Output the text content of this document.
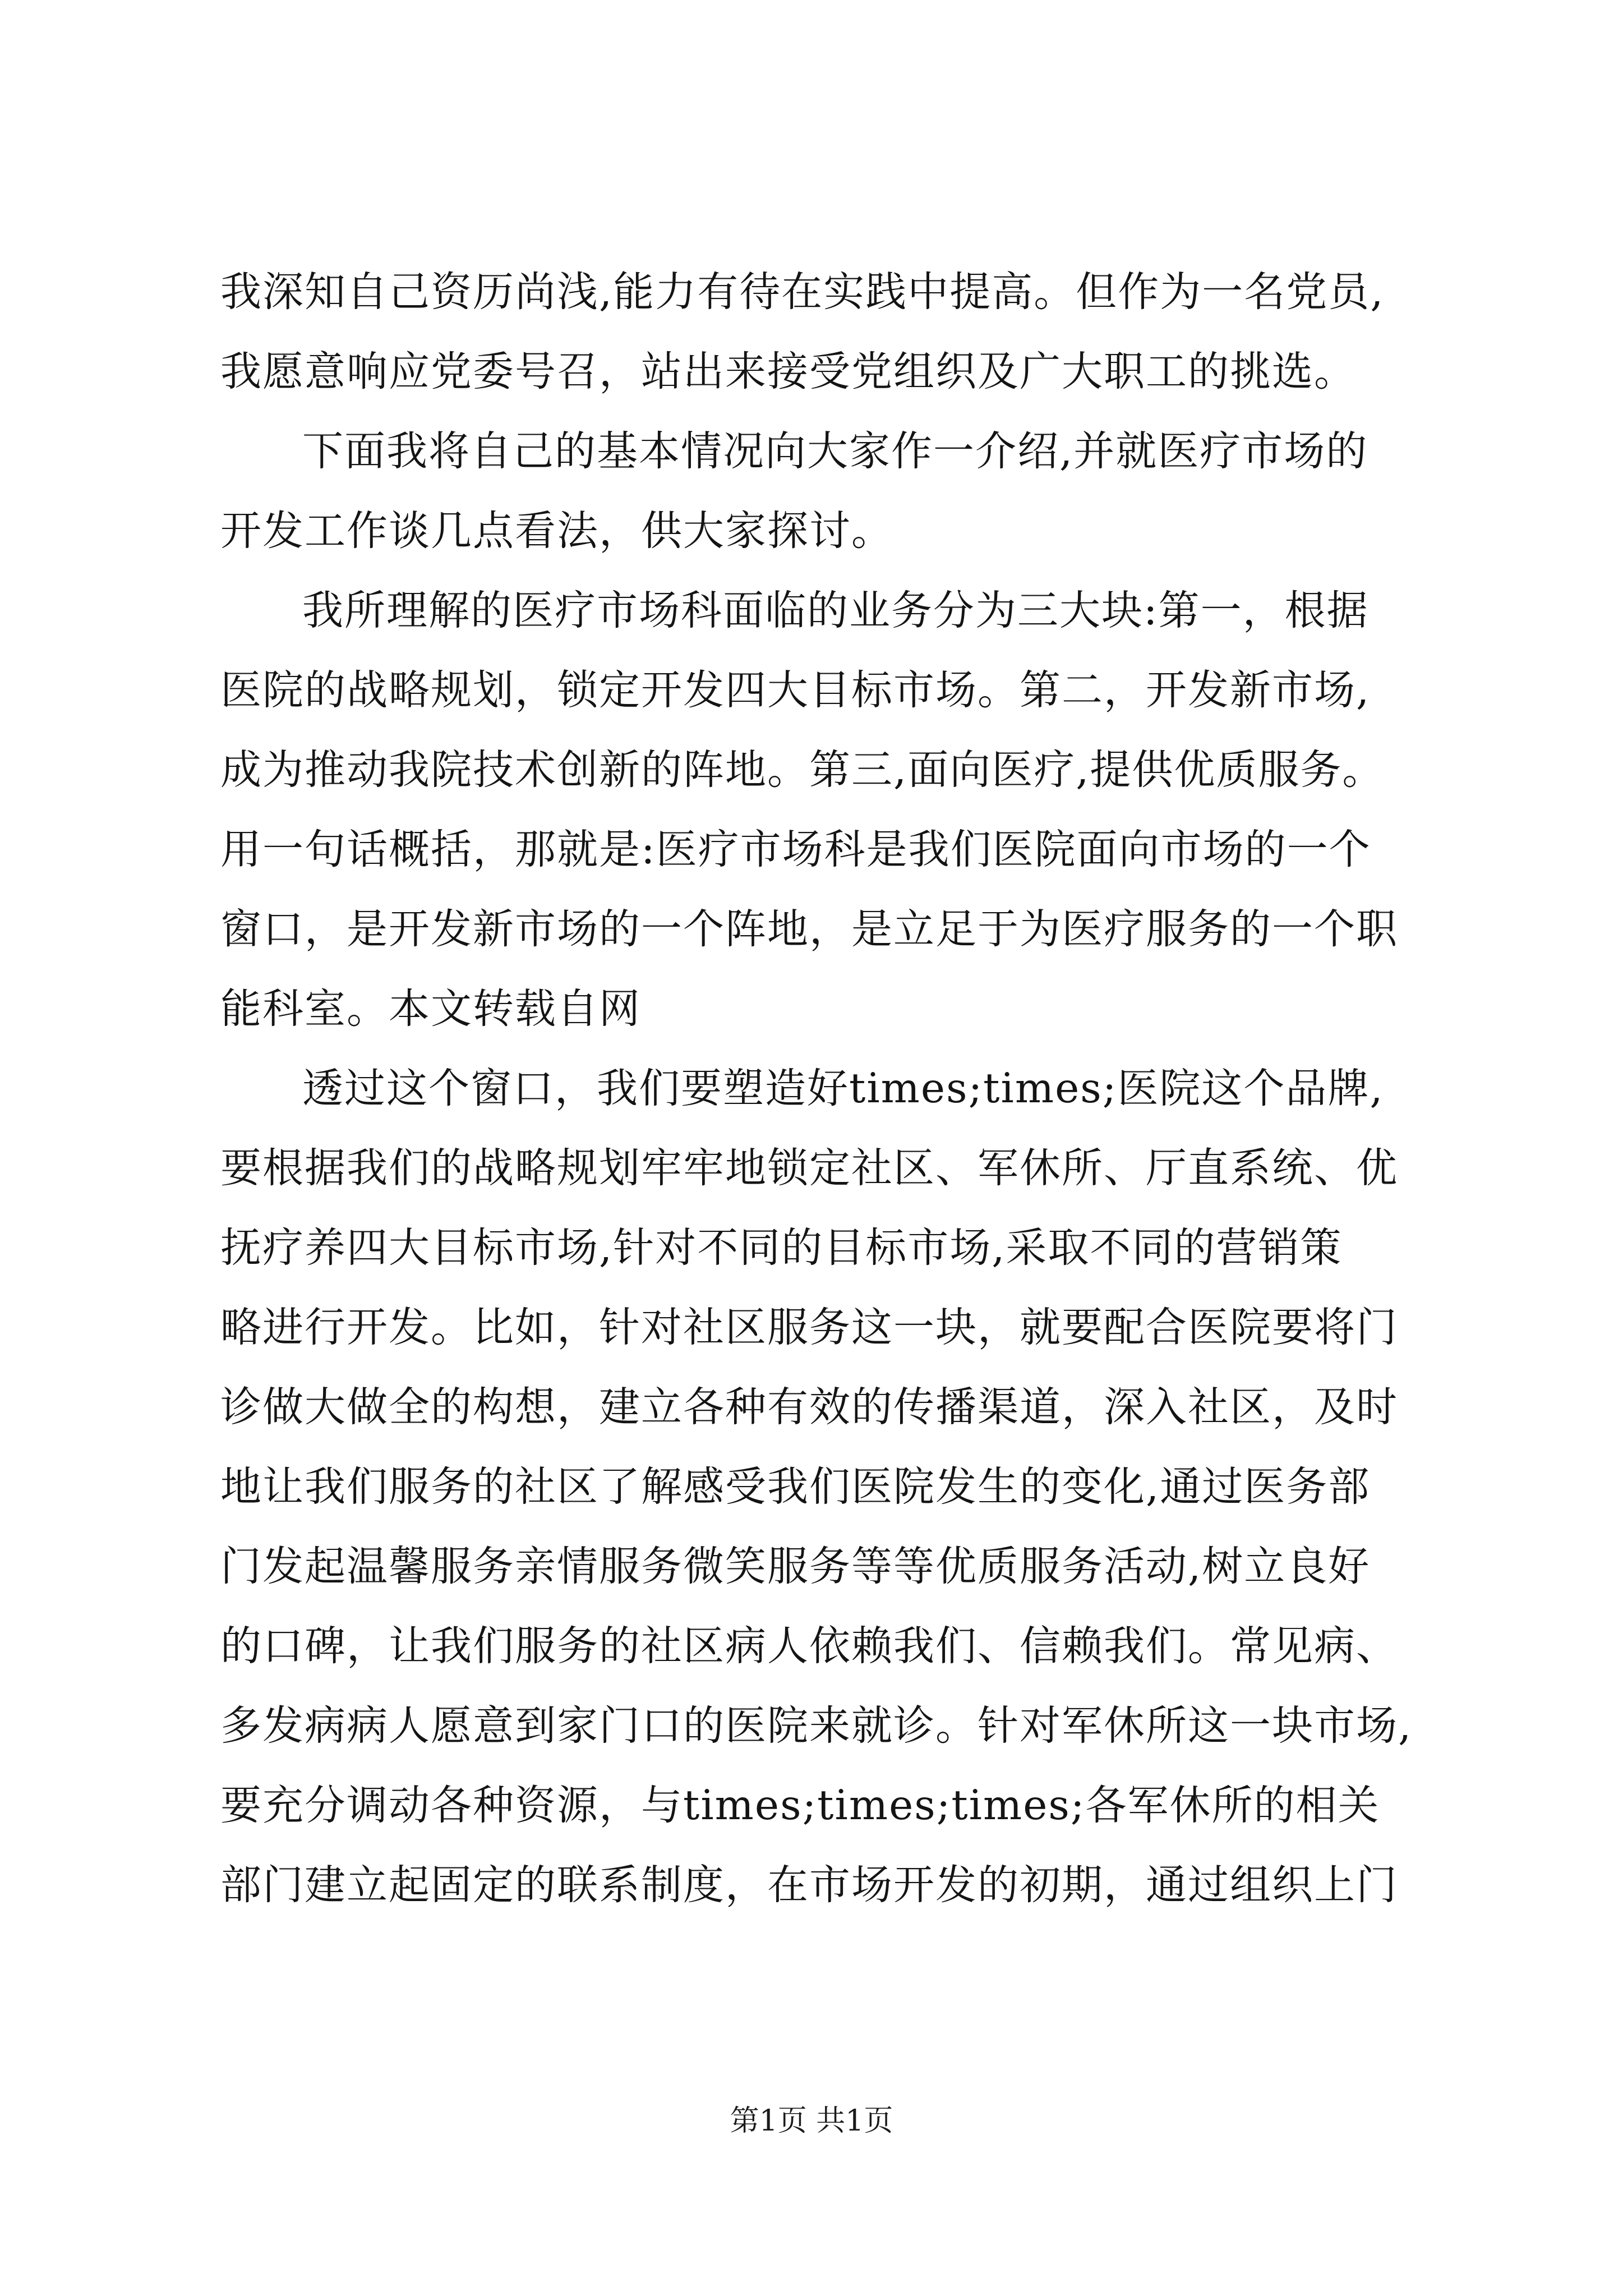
我深知自己资历尚浅,能力有待在实践中提高。但作为一名党员,
我愿意响应党委号召，站出来接受党组织及广大职工的挑选。
下面我将自己的基本情况向大家作一介绍,并就医疗市场的
开发工作谈几点看法，供大家探讨。
我所理解的医疗市场科面临的业务分为三大块:第一，根据
医院的战略规划，锁定开发四大目标市场。第二，开发新市场,
成为推动我院技术创新的阵地。第三,面向医疗,提供优质服务。
用一句话概括，那就是:医疗市场科是我们医院面向市场的一个
窗口，是开发新市场的一个阵地，是立足于为医疗服务的一个职
能科室。本文转载自网
透过这个窗口，我们要塑造好times;times;医院这个品牌,
要根据我们的战略规划牢牢地锁定社区、军休所、厅直系统、优
抚疗养四大目标市场,针对不同的目标市场,采取不同的营销策
略进行开发。比如，针对社区服务这一块，就要配合医院要将门
诊做大做全的构想，建立各种有效的传播渠道，深入社区，及时
地让我们服务的社区了解感受我们医院发生的变化,通过医务部
门发起温馨服务亲情服务微笑服务等等优质服务活动,树立良好
的口碑，让我们服务的社区病人依赖我们、信赖我们。常见病、
多发病病人愿意到家门口的医院来就诊。针对军休所这一块市场,
要充分调动各种资源，与times;times;times;各军休所的相关
部门建立起固定的联系制度，在市场开发的初期，通过组织上门
第1页 共1页
